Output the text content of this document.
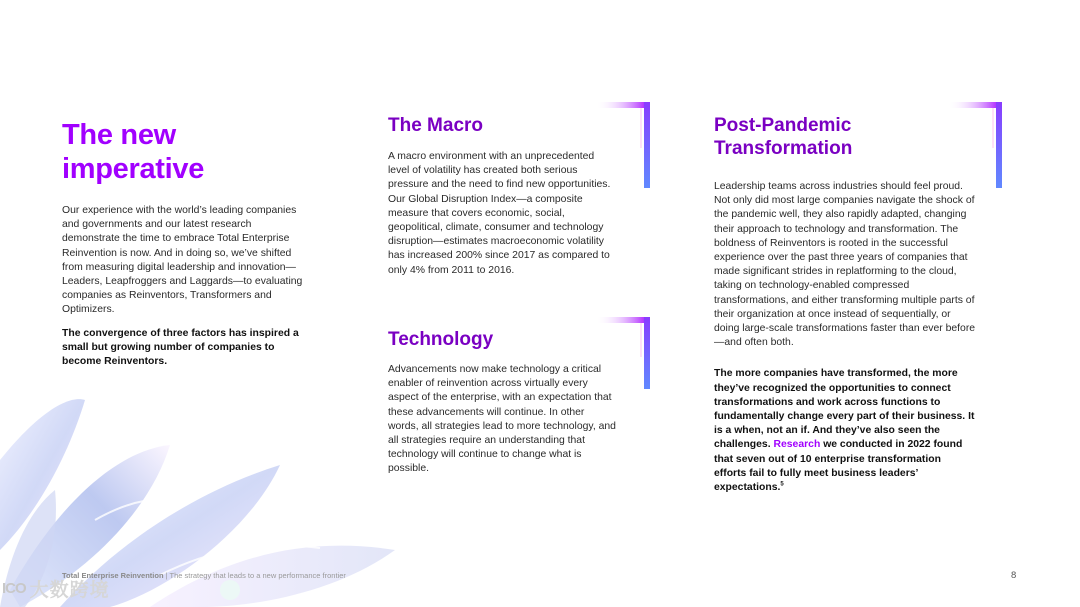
The new
imperative

Our experience with the world’s leading companies and governments and our latest research demonstrate the time to embrace Total Enterprise Reinvention is now. And in doing so, we’ve shifted from measuring digital leadership and innovation—Leaders, Leapfroggers and Laggards—to evaluating companies as Reinventors, Transformers and Optimizers.

The convergence of three factors has inspired a small but growing number of companies to become Reinventors.

The Macro

A macro environment with an unprecedented level of volatility has created both serious pressure and the need to find new opportunities. Our Global Disruption Index—a composite measure that covers economic, social, geopolitical, climate, consumer and technology disruption—estimates macroeconomic volatility has increased 200% since 2017 as compared to only 4% from 2011 to 2016.

Technology

Advancements now make technology a critical enabler of reinvention across virtually every aspect of the enterprise, with an expectation that these advancements will continue. In other words, all strategies lead to more technology, and all strategies require an understanding that technology will continue to change what is possible.

Post-Pandemic
Transformation

Leadership teams across industries should feel proud. Not only did most large companies navigate the shock of the pandemic well, they also rapidly adapted, changing their approach to technology and transformation. The boldness of Reinventors is rooted in the successful experience over the past three years of companies that made significant strides in replatforming to the cloud, taking on technology-enabled compressed transformations, and either transforming multiple parts of their organization at once instead of sequentially, or doing large-scale transformations faster than ever before—and often both.

The more companies have transformed, the more they’ve recognized the opportunities to connect transformations and work across functions to fundamentally change every part of their business. It is a when, not an if. And they’ve also seen the challenges. Research we conducted in 2022 found that seven out of 10 enterprise transformation efforts fail to fully meet business leaders’ expectations.$^5$

Total Enterprise Reinvention | The strategy that leads to a new performance frontier	8
ICO 大数跨境
